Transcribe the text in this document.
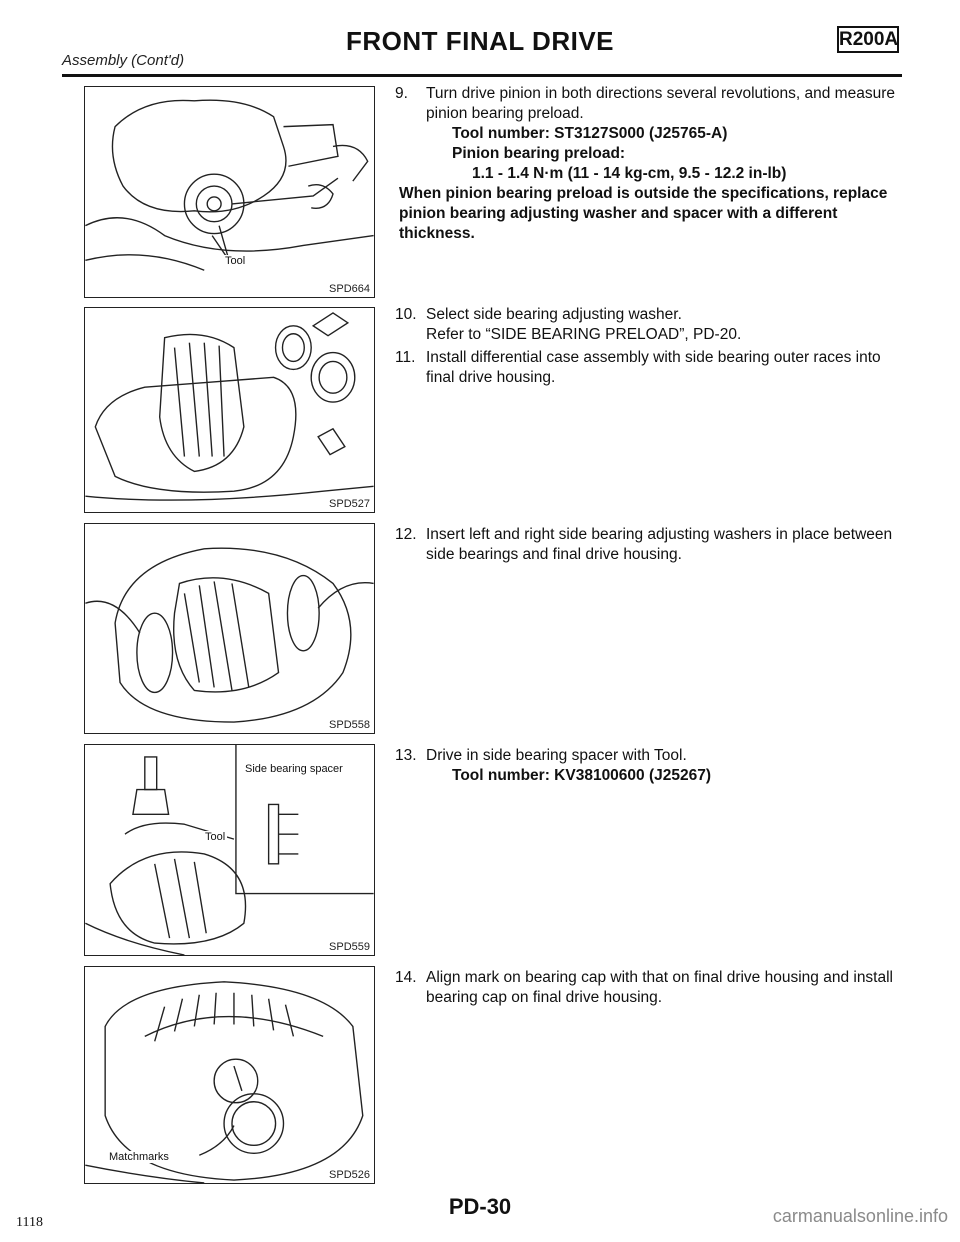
Assembly (Cont'd)
FRONT FINAL DRIVE	R200A
Tool
SPD664
SPD527
SPD558
Side bearing spacer
Tool
SPD559
Matchmarks
SPD526
9.	Turn drive pinion in both directions several revolutions, and measure pinion bearing preload.
Tool number: ST3127S000 (J25765-A)
Pinion bearing preload:
1.1 - 1.4 N·m (11 - 14 kg-cm, 9.5 - 12.2 in-lb)
When pinion bearing preload is outside the specifications, replace pinion bearing adjusting washer and spacer with a different thickness.
10. Select side bearing adjusting washer.
Refer to “SIDE BEARING PRELOAD”, PD-20.
11. Install differential case assembly with side bearing outer races into final drive housing.
12. Insert left and right side bearing adjusting washers in place between side bearings and final drive housing.
13. Drive in side bearing spacer with Tool.
Tool number: KV38100600 (J25267)
14. Align mark on bearing cap with that on final drive housing and install bearing cap on final drive housing.
PD-30
1118	carmanualsonline.info
